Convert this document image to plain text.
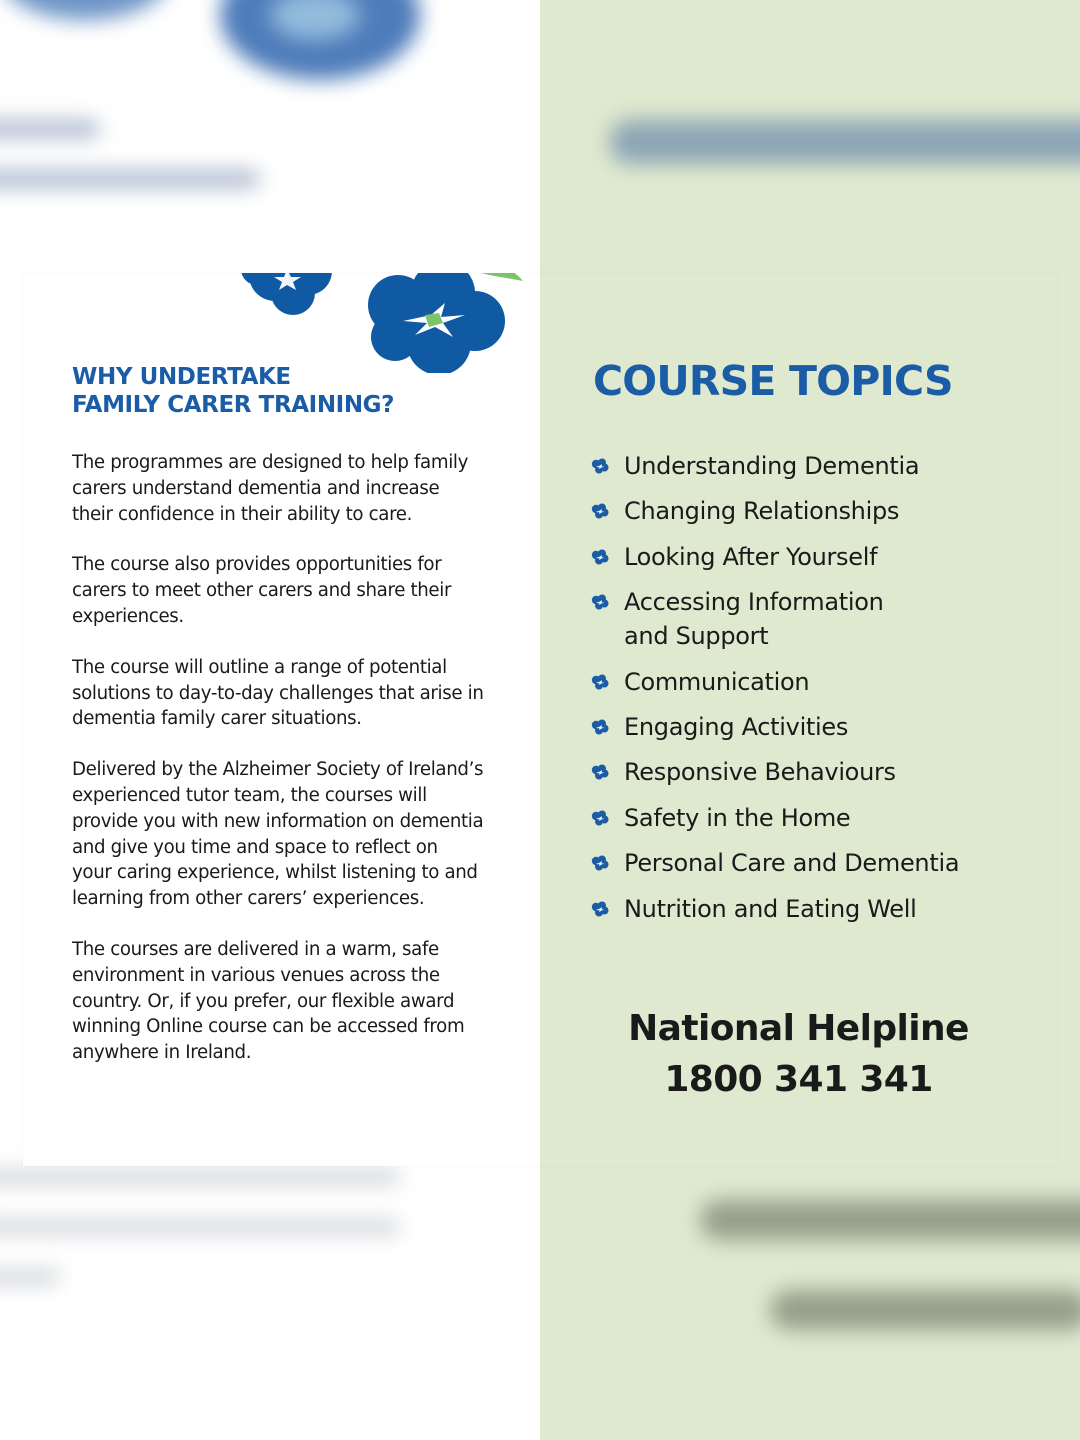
WHY UNDERTAKE
FAMILY CARER TRAINING?

The programmes are designed to help family
carers understand dementia and increase
their confidence in their ability to care.

The course also provides opportunities for
carers to meet other carers and share their
experiences.

The course will outline a range of potential
solutions to day-to-day challenges that arise in
dementia family carer situations.

Delivered by the Alzheimer Society of Ireland’s
experienced tutor team, the courses will
provide you with new information on dementia
and give you time and space to reflect on
your caring experience, whilst listening to and
learning from other carers’ experiences.

The courses are delivered in a warm, safe
environment in various venues across the
country. Or, if you prefer, our flexible award
winning Online course can be accessed from
anywhere in Ireland.

COURSE TOPICS
Understanding Dementia
Changing Relationships
Looking After Yourself
Accessing Information
and Support
Communication
Engaging Activities
Responsive Behaviours
Safety in the Home
Personal Care and Dementia
Nutrition and Eating Well
National Helpline
1800 341 341
